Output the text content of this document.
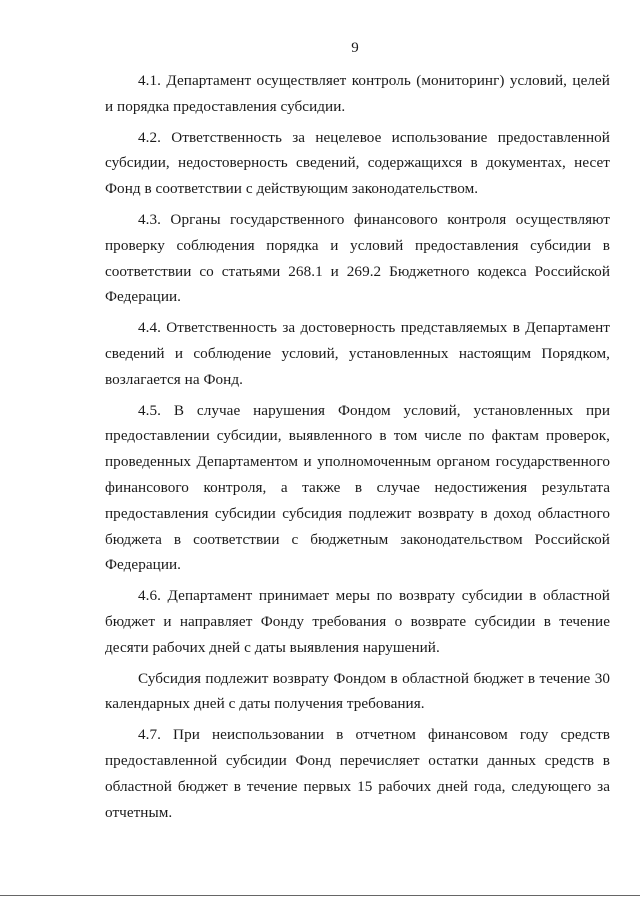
9

4.1. Департамент осуществляет контроль (мониторинг) условий, целей и порядка предоставления субсидии.

4.2. Ответственность за нецелевое использование предоставленной субсидии, недостоверность сведений, содержащихся в документах, несет Фонд в соответствии с действующим законодательством.

4.3. Органы государственного финансового контроля осуществляют проверку соблюдения порядка и условий предоставления субсидии в соответствии со статьями 268.1 и 269.2 Бюджетного кодекса Российской Федерации.

4.4. Ответственность за достоверность представляемых в Департамент сведений и соблюдение условий, установленных настоящим Порядком, возлагается на Фонд.

4.5. В случае нарушения Фондом условий, установленных при предоставлении субсидии, выявленного в том числе по фактам проверок, проведенных Департаментом и уполномоченным органом государственного финансового контроля, а также в случае недостижения результата предоставления субсидии субсидия подлежит возврату в доход областного бюджета в соответствии с бюджетным законодательством Российской Федерации.

4.6. Департамент принимает меры по возврату субсидии в областной бюджет и направляет Фонду требования о возврате субсидии в течение десяти рабочих дней с даты выявления нарушений.

Субсидия подлежит возврату Фондом в областной бюджет в течение 30 календарных дней с даты получения требования.

4.7. При неиспользовании в отчетном финансовом году средств предоставленной субсидии Фонд перечисляет остатки данных средств в областной бюджет в течение первых 15 рабочих дней года, следующего за отчетным.
